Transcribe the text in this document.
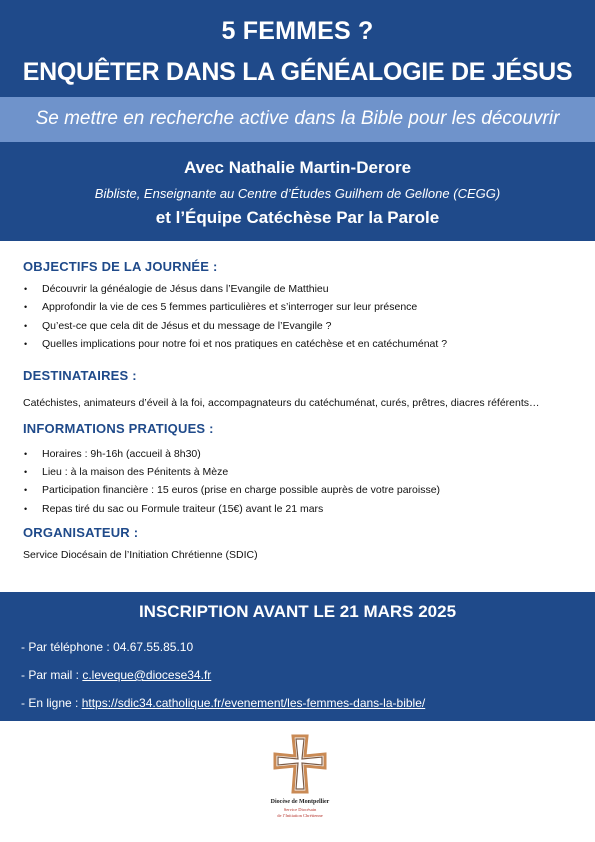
5 FEMMES ?
ENQUÊTER DANS LA GÉNÉALOGIE DE JÉSUS
Se mettre en recherche active dans la Bible pour les découvrir
Avec Nathalie Martin-Derore
Bibliste, Enseignante au Centre d’Études Guilhem de Gellone (CEGG)
et l’Équipe Catéchèse Par la Parole

OBJECTIFS DE LA JOURNÉE :

• Découvrir la généalogie de Jésus dans l’Evangile de Matthieu
• Approfondir la vie de ces 5 femmes particulières et s’interroger sur leur présence
• Qu’est-ce que cela dit de Jésus et du message de l’Evangile ?
• Quelles implications pour notre foi et nos pratiques en catéchèse et en catéchuménat ?

DESTINATAIRES :

Catéchistes, animateurs d’éveil à la foi, accompagnateurs du catéchuménat, curés, prêtres, diacres référents…

INFORMATIONS PRATIQUES :

• Horaires : 9h-16h (accueil à 8h30)
• Lieu : à la maison des Pénitents à Mèze
• Participation financière : 15 euros (prise en charge possible auprès de votre paroisse)
• Repas tiré du sac ou Formule traiteur (15€) avant le 21 mars

ORGANISATEUR :

Service Diocésain de l’Initiation Chrétienne (SDIC)

INSCRIPTION AVANT LE 21 MARS 2025
- Par téléphone : 04.67.55.85.10
- Par mail : c.leveque@diocese34.fr
- En ligne : https://sdic34.catholique.fr/evenement/les-femmes-dans-la-bible/
Diocèse de Montpellier
Service Diocésain
de l’Initiation Chrétienne
